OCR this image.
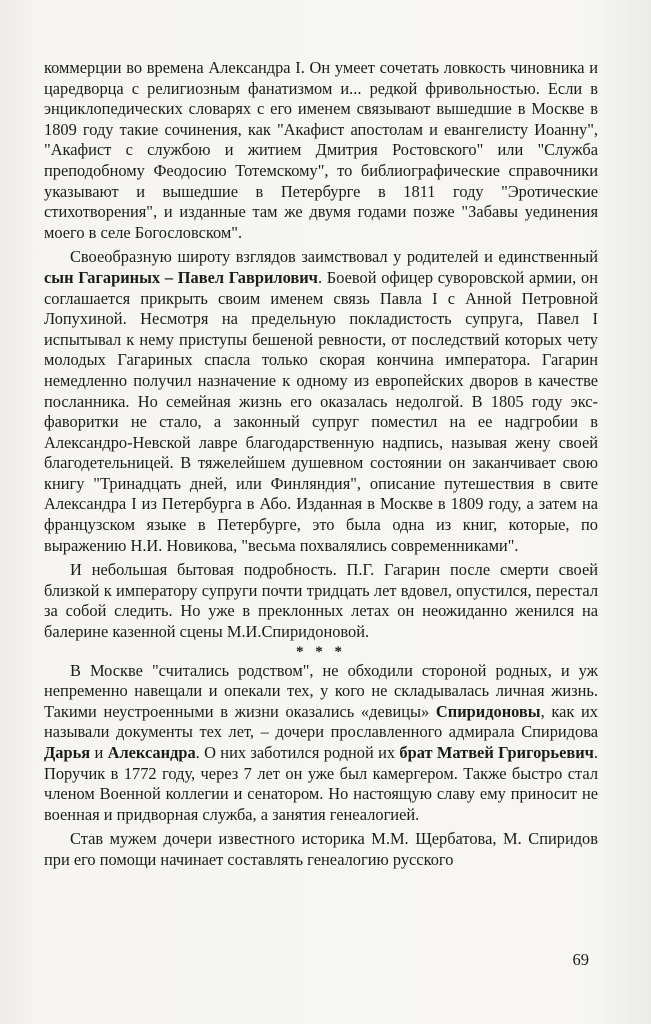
коммерции во времена Александра I. Он умеет сочетать ловкость чиновника и царедворца с религиозным фанатизмом и... редкой фривольностью. Если в энциклопедических словарях с его именем связывают вышедшие в Москве в 1809 году такие сочинения, как "Акафист апостолам и евангелисту Иоанну", "Акафист с службою и житием Дмитрия Ростовского" или "Служба преподобному Феодосию Тотемскому", то библиографические справочники указывают и вышедшие в Петербурге в 1811 году "Эротические стихотворения", и изданные там же двумя годами позже "Забавы уединения моего в селе Богословском".

Своеобразную широту взглядов заимствовал у родителей и единственный сын Гагариных – Павел Гаврилович. Боевой офицер суворовской армии, он соглашается прикрыть своим именем связь Павла I с Анной Петровной Лопухиной. Несмотря на предельную покладистость супруга, Павел I испытывал к нему приступы бешеной ревности, от последствий которых чету молодых Гагариных спасла только скорая кончина императора. Гагарин немедленно получил назначение к одному из европейских дворов в качестве посланника. Но семейная жизнь его оказалась недолгой. В 1805 году экс-фаворитки не стало, а законный супруг поместил на ее надгробии в Александро-Невской лавре благодарственную надпись, называя жену своей благодетельницей. В тяжелейшем душевном состоянии он заканчивает свою книгу "Тринадцать дней, или Финляндия", описание путешествия в свите Александра I из Петербурга в Або. Изданная в Москве в 1809 году, а затем на французском языке в Петербурге, это была одна из книг, которые, по выражению Н.И. Новикова, "весьма похвалялись современниками".

И небольшая бытовая подробность. П.Г. Гагарин после смерти своей близкой к императору супруги почти тридцать лет вдовел, опустился, перестал за собой следить. Но уже в преклонных летах он неожиданно женился на балерине казенной сцены М.И.Спиридоновой.

* * *

В Москве "считались родством", не обходили стороной родных, и уж непременно навещали и опекали тех, у кого не складывалась личная жизнь. Такими неустроенными в жизни оказались «девицы» Спиридоновы, как их называли документы тех лет, – дочери прославленного адмирала Спиридова Дарья и Александра. О них заботился родной их брат Матвей Григорьевич. Поручик в 1772 году, через 7 лет он уже был камергером. Также быстро стал членом Военной коллегии и сенатором. Но настоящую славу ему приносит не военная и придворная служба, а занятия генеалогией.

Став мужем дочери известного историка М.М. Щербатова, М. Спиридов при его помощи начинает составлять генеалогию русского

69
